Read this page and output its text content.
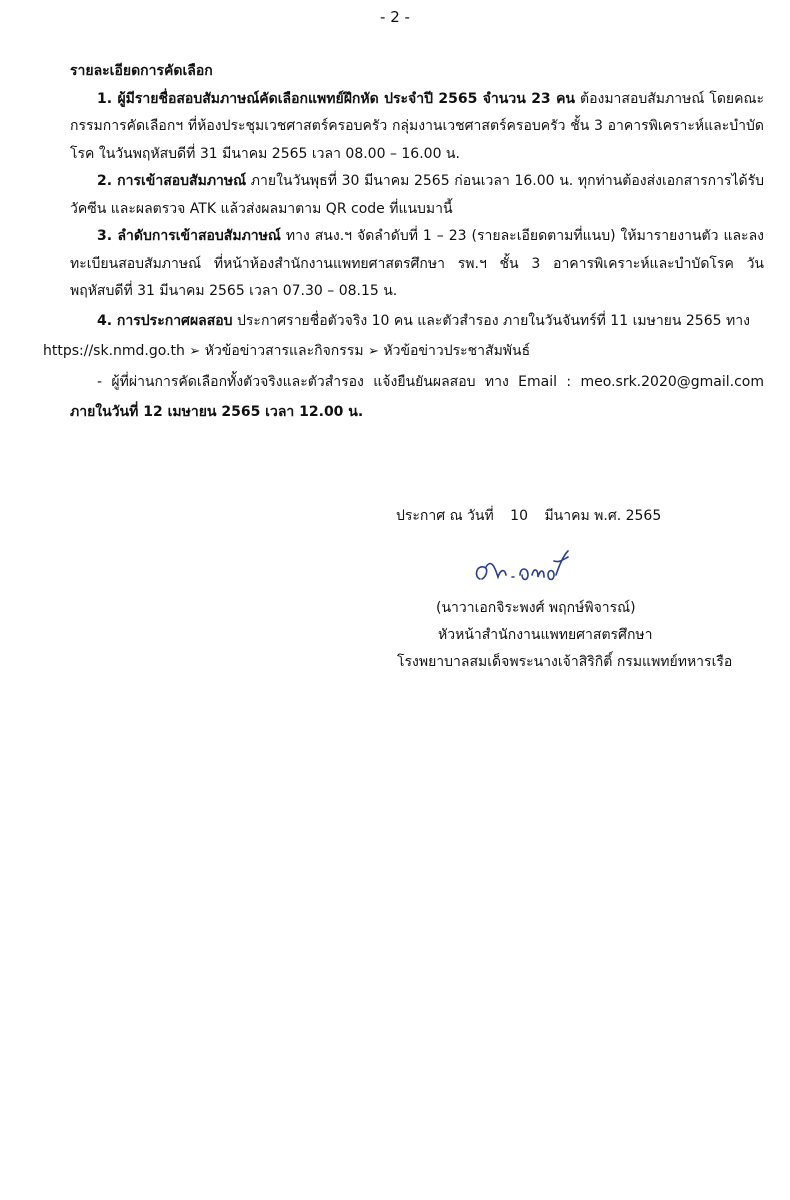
- 2 -

รายละเอียดการคัดเลือก

1. ผู้มีรายชื่อสอบสัมภาษณ์คัดเลือกแพทย์ฝึกหัด ประจำปี 2565 จำนวน 23 คน ต้องมาสอบสัมภาษณ์ โดยคณะกรรมการคัดเลือกฯ ที่ห้องประชุมเวชศาสตร์ครอบครัว กลุ่มงานเวชศาสตร์ครอบครัว ชั้น 3 อาคารพิเคราะห์และบำบัดโรค ในวันพฤหัสบดีที่ 31 มีนาคม 2565 เวลา 08.00 – 16.00 น.

2. การเข้าสอบสัมภาษณ์ ภายในวันพุธที่ 30 มีนาคม 2565 ก่อนเวลา 16.00 น. ทุกท่านต้องส่งเอกสารการได้รับวัคซีน และผลตรวจ ATK แล้วส่งผลมาตาม QR code ที่แนบมานี้

3. ลำดับการเข้าสอบสัมภาษณ์ ทาง สนง.ฯ จัดลำดับที่ 1 – 23 (รายละเอียดตามที่แนบ) ให้มารายงานตัว และลงทะเบียนสอบสัมภาษณ์ ที่หน้าห้องสำนักงานแพทยศาสตรศึกษา รพ.ฯ ชั้น 3 อาคารพิเคราะห์และบำบัดโรค วันพฤหัสบดีที่ 31 มีนาคม 2565 เวลา 07.30 – 08.15 น.

4. การประกาศผลสอบ ประกาศรายชื่อตัวจริง 10 คน และตัวสำรอง ภายในวันจันทร์ที่ 11 เมษายน 2565 ทาง
https://sk.nmd.go.th ➢ หัวข้อข่าวสารและกิจกรรม ➢ หัวข้อข่าวประชาสัมพันธ์

- ผู้ที่ผ่านการคัดเลือกทั้งตัวจริงและตัวสำรอง แจ้งยืนยันผลสอบ ทาง Email : meo.srk.2020@gmail.com ภายในวันที่ 12 เมษายน 2565 เวลา 12.00 น.

ประกาศ ณ วันที่ 10 มีนาคม พ.ศ. 2565
(นาวาเอกจิระพงศ์ พฤกษ์พิจารณ์)
หัวหน้าสำนักงานแพทยศาสตรศึกษา
โรงพยาบาลสมเด็จพระนางเจ้าสิริกิติ์ กรมแพทย์ทหารเรือ
